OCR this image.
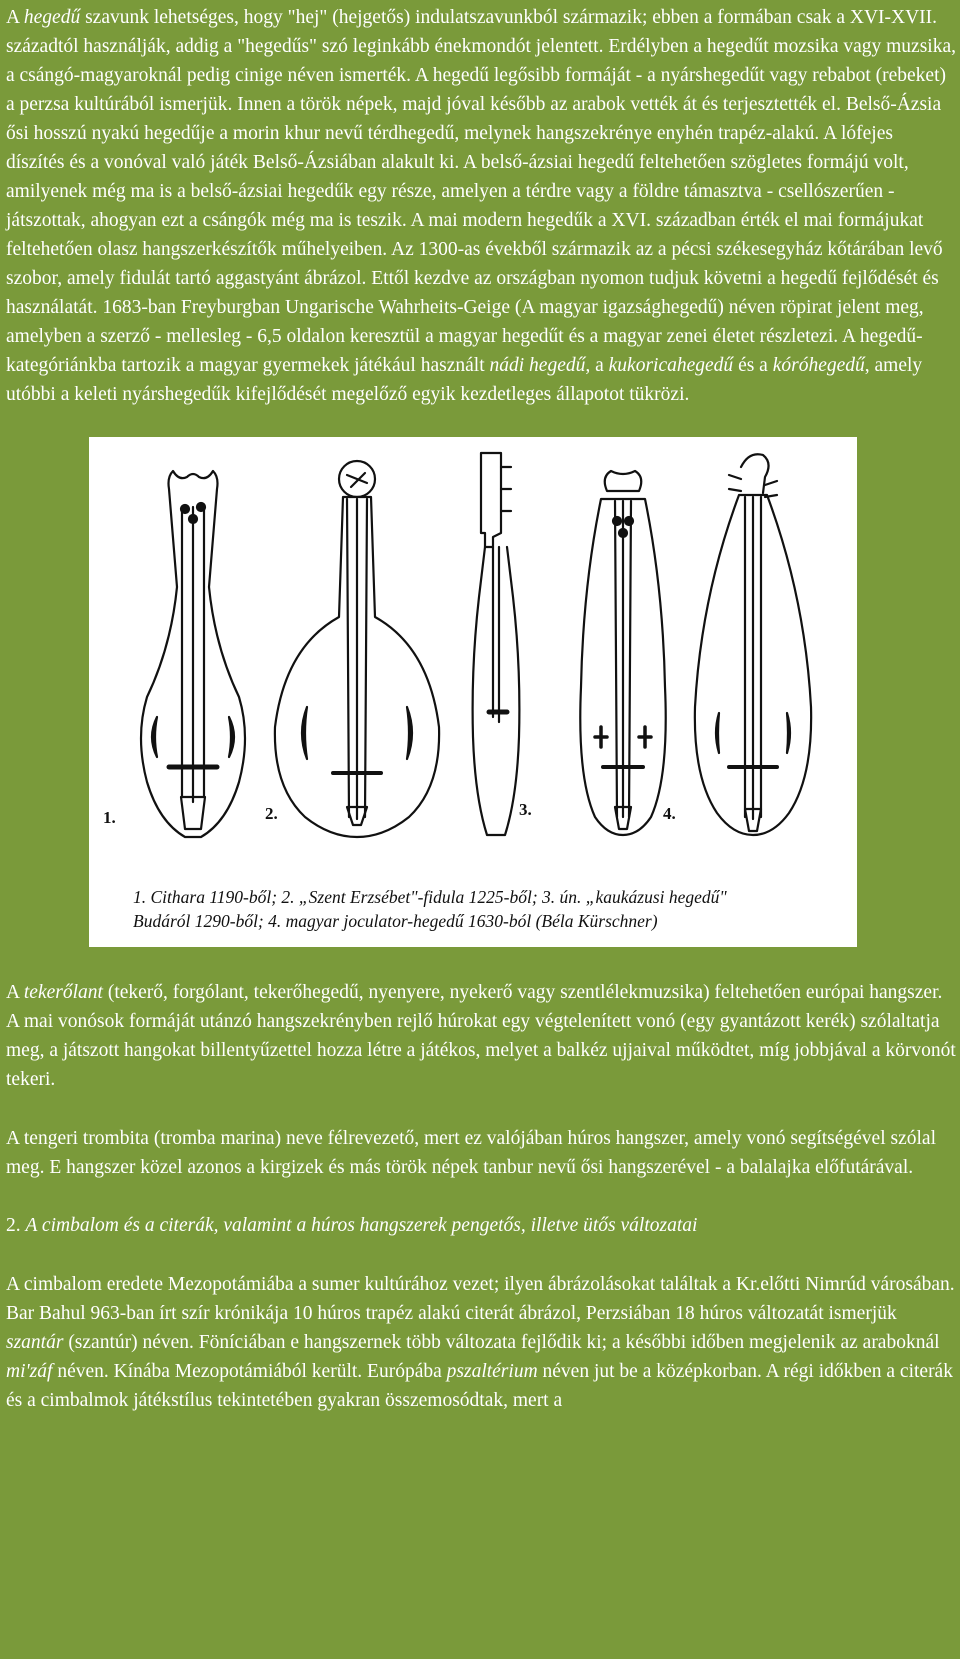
A hegedű szavunk lehetséges, hogy "hej" (hejgetős) indulatszavunkból származik; ebben a formában csak a XVI-XVII. századtól használják, addig a "hegedűs" szó leginkább énekmondót jelentett. Erdélyben a hegedűt mozsika vagy muzsika, a csángó-magyaroknál pedig cinige néven ismerték. A hegedű legősibb formáját - a nyárshegedűt vagy rebabot (rebeket) a perzsa kultúrából ismerjük. Innen a török népek, majd jóval később az arabok vették át és terjesztették el. Belső-Ázsia ősi hosszú nyakú hegedűje a morin khur nevű térdhegedű, melynek hangszekrénye enyhén trapéz-alakú. A lófejes díszítés és a vonóval való játék Belső-Ázsiában alakult ki. A belső-ázsiai hegedű feltehetően szögletes formájú volt, amilyenek még ma is a belső-ázsiai hegedűk egy része, amelyen a térdre vagy a földre támasztva - csellószerűen - játszottak, ahogyan ezt a csángók még ma is teszik. A mai modern hegedűk a XVI. században érték el mai formájukat feltehetően olasz hangszerkészítők műhelyeiben. Az 1300-as évekből származik az a pécsi székesegyház kőtárában levő szobor, amely fidulát tartó aggastyánt ábrázol. Ettől kezdve az országban nyomon tudjuk követni a hegedű fejlődését és használatát. 1683-ban Freyburgban Ungarische Wahrheits-Geige (A magyar igazsághegedű) néven röpirat jelent meg, amelyben a szerző - mellesleg - 6,5 oldalon keresztül a magyar hegedűt és a magyar zenei életet részletezi. A hegedű-kategóriánkba tartozik a magyar gyermekek játékául használt nádi hegedű, a kukoricahegedű és a kóróhegedű, amely utóbbi a keleti nyárshegedűk kifejlődését megelőző egyik kezdetleges állapotot tükrözi.

1.	2.	3.	4.
1. Cithara 1190-ből; 2. „Szent Erzsébet"-fidula 1225-ből; 3. ún. „kaukázusi hegedű"
Budáról 1290-ből; 4. magyar joculator-hegedű 1630-ból (Béla Kürschner)

A tekerőlant (tekerő, forgólant, tekerőhegedű, nyenyere, nyekerő vagy szentlélekmuzsika) feltehetően európai hangszer. A mai vonósok formáját utánzó hangszekrényben rejlő húrokat egy végtelenített vonó (egy gyantázott kerék) szólaltatja meg, a játszott hangokat billentyűzettel hozza létre a játékos, melyet a balkéz ujjaival működtet, míg jobbjával a körvonót tekeri.

A tengeri trombita (tromba marina) neve félrevezető, mert ez valójában húros hangszer, amely vonó segítségével szólal meg. E hangszer közel azonos a kirgizek és más török népek tanbur nevű ősi hangszerével - a balalajka előfutárával.

2. A cimbalom és a citerák, valamint a húros hangszerek pengetős, illetve ütős változatai

A cimbalom eredete Mezopotámiába a sumer kultúrához vezet; ilyen ábrázolásokat találtak a Kr.előtti Nimrúd városában. Bar Bahul 963-ban írt szír krónikája 10 húros trapéz alakú citerát ábrázol, Perzsiában 18 húros változatát ismerjük szantár (szantúr) néven. Föníciában e hangszernek több változata fejlődik ki; a későbbi időben megjelenik az araboknál mi'záf néven. Kínába Mezopotámiából került. Európába pszaltérium néven jut be a középkorban. A régi időkben a citerák és a cimbalmok játékstílus tekintetében gyakran összemosódtak, mert a
